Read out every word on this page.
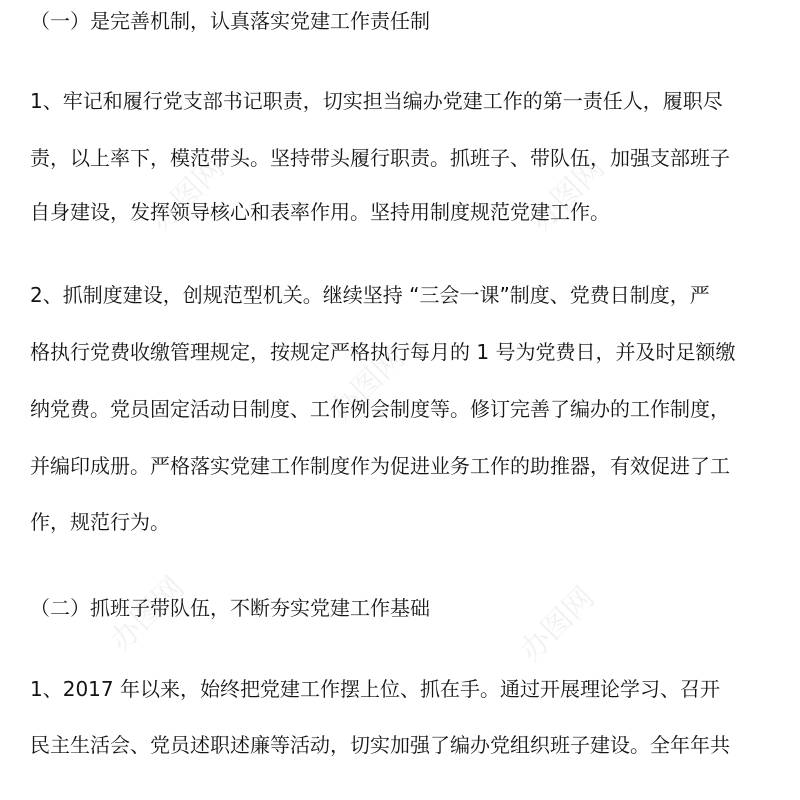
办图网	办图网
办图网
办图网	办图网
（一）是完善机制，认真落实党建工作责任制
1、牢记和履行党支部书记职责，切实担当编办党建工作的第一责任人，履职尽
责，以上率下，模范带头。坚持带头履行职责。抓班子、带队伍，加强支部班子
自身建设，发挥领导核心和表率作用。坚持用制度规范党建工作。
2、抓制度建设，创规范型机关。继续坚持 “三会一课”制度、党费日制度，严
格执行党费收缴管理规定，按规定严格执行每月的 1 号为党费日，并及时足额缴
纳党费。党员固定活动日制度、工作例会制度等。修订完善了编办的工作制度，
并编印成册。严格落实党建工作制度作为促进业务工作的助推器，有效促进了工
作，规范行为。
（二）抓班子带队伍，不断夯实党建工作基础
1、2017 年以来，始终把党建工作摆上位、抓在手。通过开展理论学习、召开
民主生活会、党员述职述廉等活动，切实加强了编办党组织班子建设。全年年共
